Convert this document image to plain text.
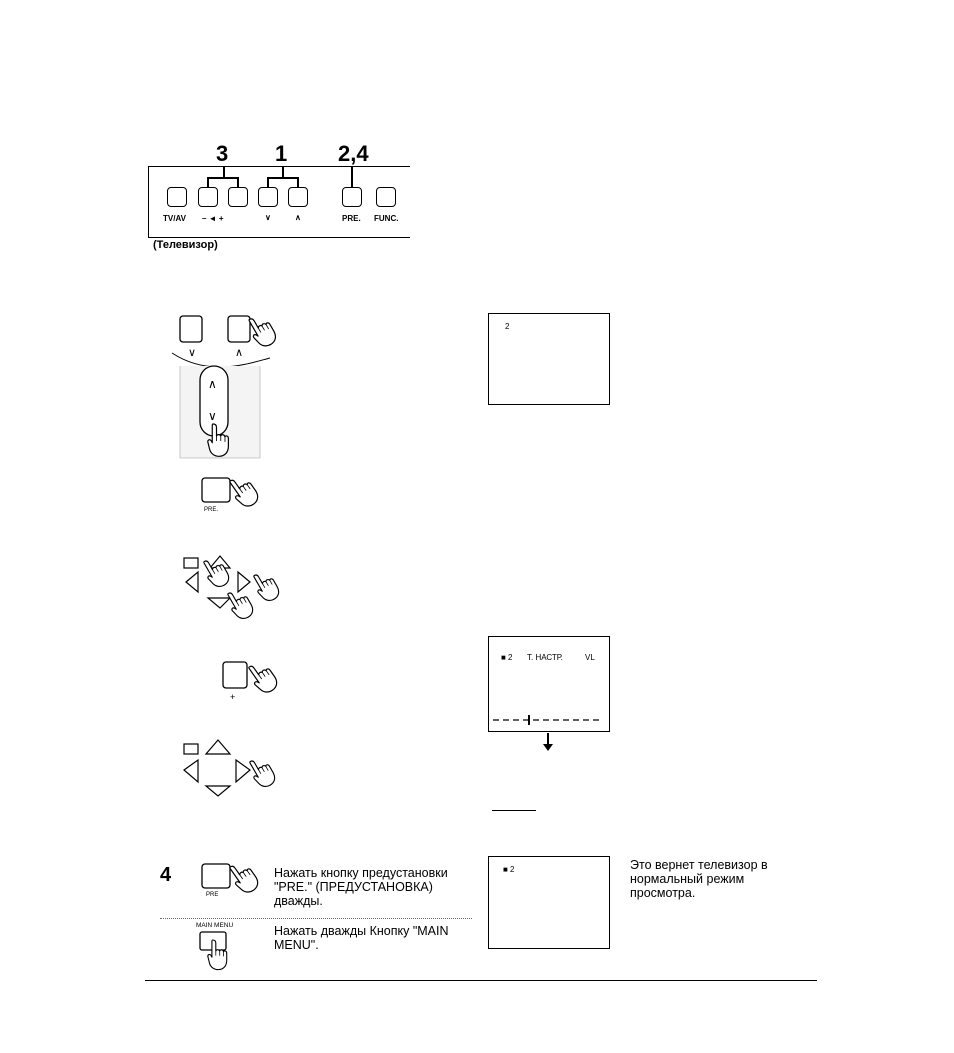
3 1 2,4
TV/AV – ◄ +	∨	∧	PRE. FUNC.
(Телевизор)
∨	∧
∧
∨
2
PRE.
+
■ 2 Т. НАСТР.	VL
4
PRE
Нажать кнопку предустановки "PRE." (ПРЕДУСТАНОВКА) дважды.
MAIN MENU	Нажать дважды Кнопку "MAIN MENU".
■ 2	Это вернет телевизор в нормальный режим просмотра.
